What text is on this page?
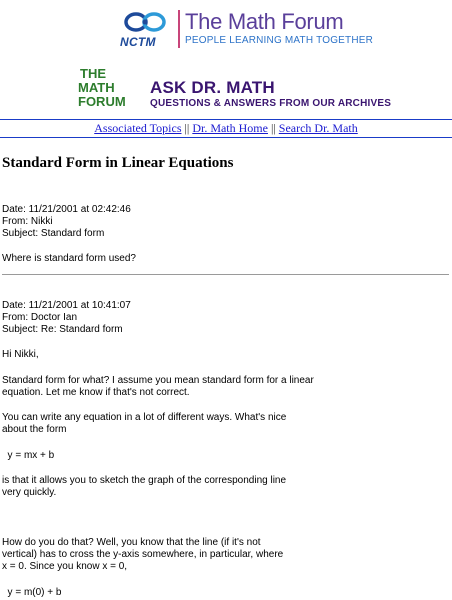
NCTM
The Math Forum
PEOPLE LEARNING MATH TOGETHER
THE
MATH
FORUM
ASK DR. MATH
QUESTIONS & ANSWERS FROM OUR ARCHIVES
Associated Topics || Dr. Math Home || Search Dr. Math
Standard Form in Linear Equations
Date: 11/21/2001 at 02:42:46
From: Nikki
Subject: Standard form
Where is standard form used?
Date: 11/21/2001 at 10:41:07
From: Doctor Ian
Subject: Re: Standard form
Hi Nikki,
Standard form for what? I assume you mean standard form for a linear
equation. Let me know if that's not correct.
You can write any equation in a lot of different ways. What's nice
about the form
y = mx + b
is that it allows you to sketch the graph of the corresponding line
very quickly.
How do you do that? Well, you know that the line (if it's not
vertical) has to cross the y-axis somewhere, in particular, where
x = 0. Since you know x = 0,
y = m(0) + b
